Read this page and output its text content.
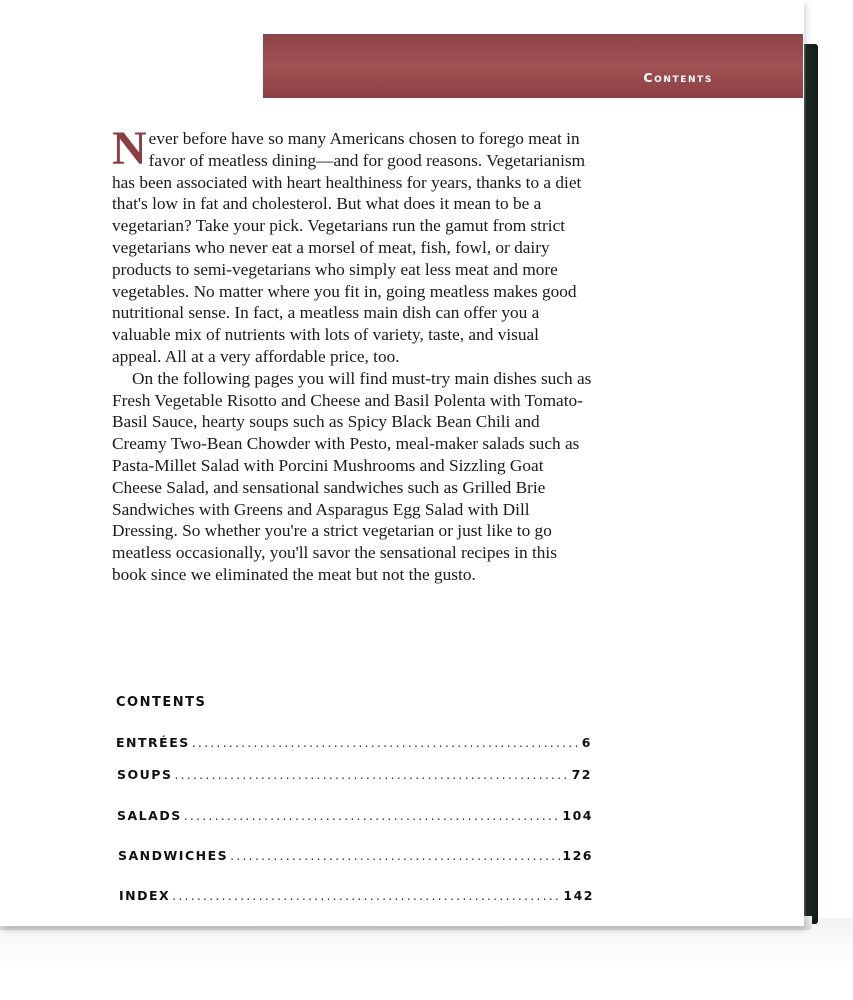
Contents

Never before have so many Americans chosen to forego meat in favor of meatless dining—and for good reasons. Vegetarianism has been associated with heart healthiness for years, thanks to a diet that's low in fat and cholesterol. But what does it mean to be a vegetarian? Take your pick. Vegetarians run the gamut from strict vegetarians who never eat a morsel of meat, fish, fowl, or dairy products to semi-vegetarians who simply eat less meat and more vegetables. No matter where you fit in, going meatless makes good nutritional sense. In fact, a meatless main dish can offer you a valuable mix of nutrients with lots of variety, taste, and visual appeal. All at a very affordable price, too.

On the following pages you will find must-try main dishes such as Fresh Vegetable Risotto and Cheese and Basil Polenta with Tomato-Basil Sauce, hearty soups such as Spicy Black Bean Chili and Creamy Two-Bean Chowder with Pesto, meal-maker salads such as Pasta-Millet Salad with Porcini Mushrooms and Sizzling Goat Cheese Salad, and sensational sandwiches such as Grilled Brie Sandwiches with Greens and Asparagus Egg Salad with Dill Dressing. So whether you're a strict vegetarian or just like to go meatless occasionally, you'll savor the sensational recipes in this book since we eliminated the meat but not the gusto.

CONTENTS
ENTRÉES .....	6
SOUPS .....	72
SALADS .....	104
SANDWICHES .....	126
INDEX .....	142
